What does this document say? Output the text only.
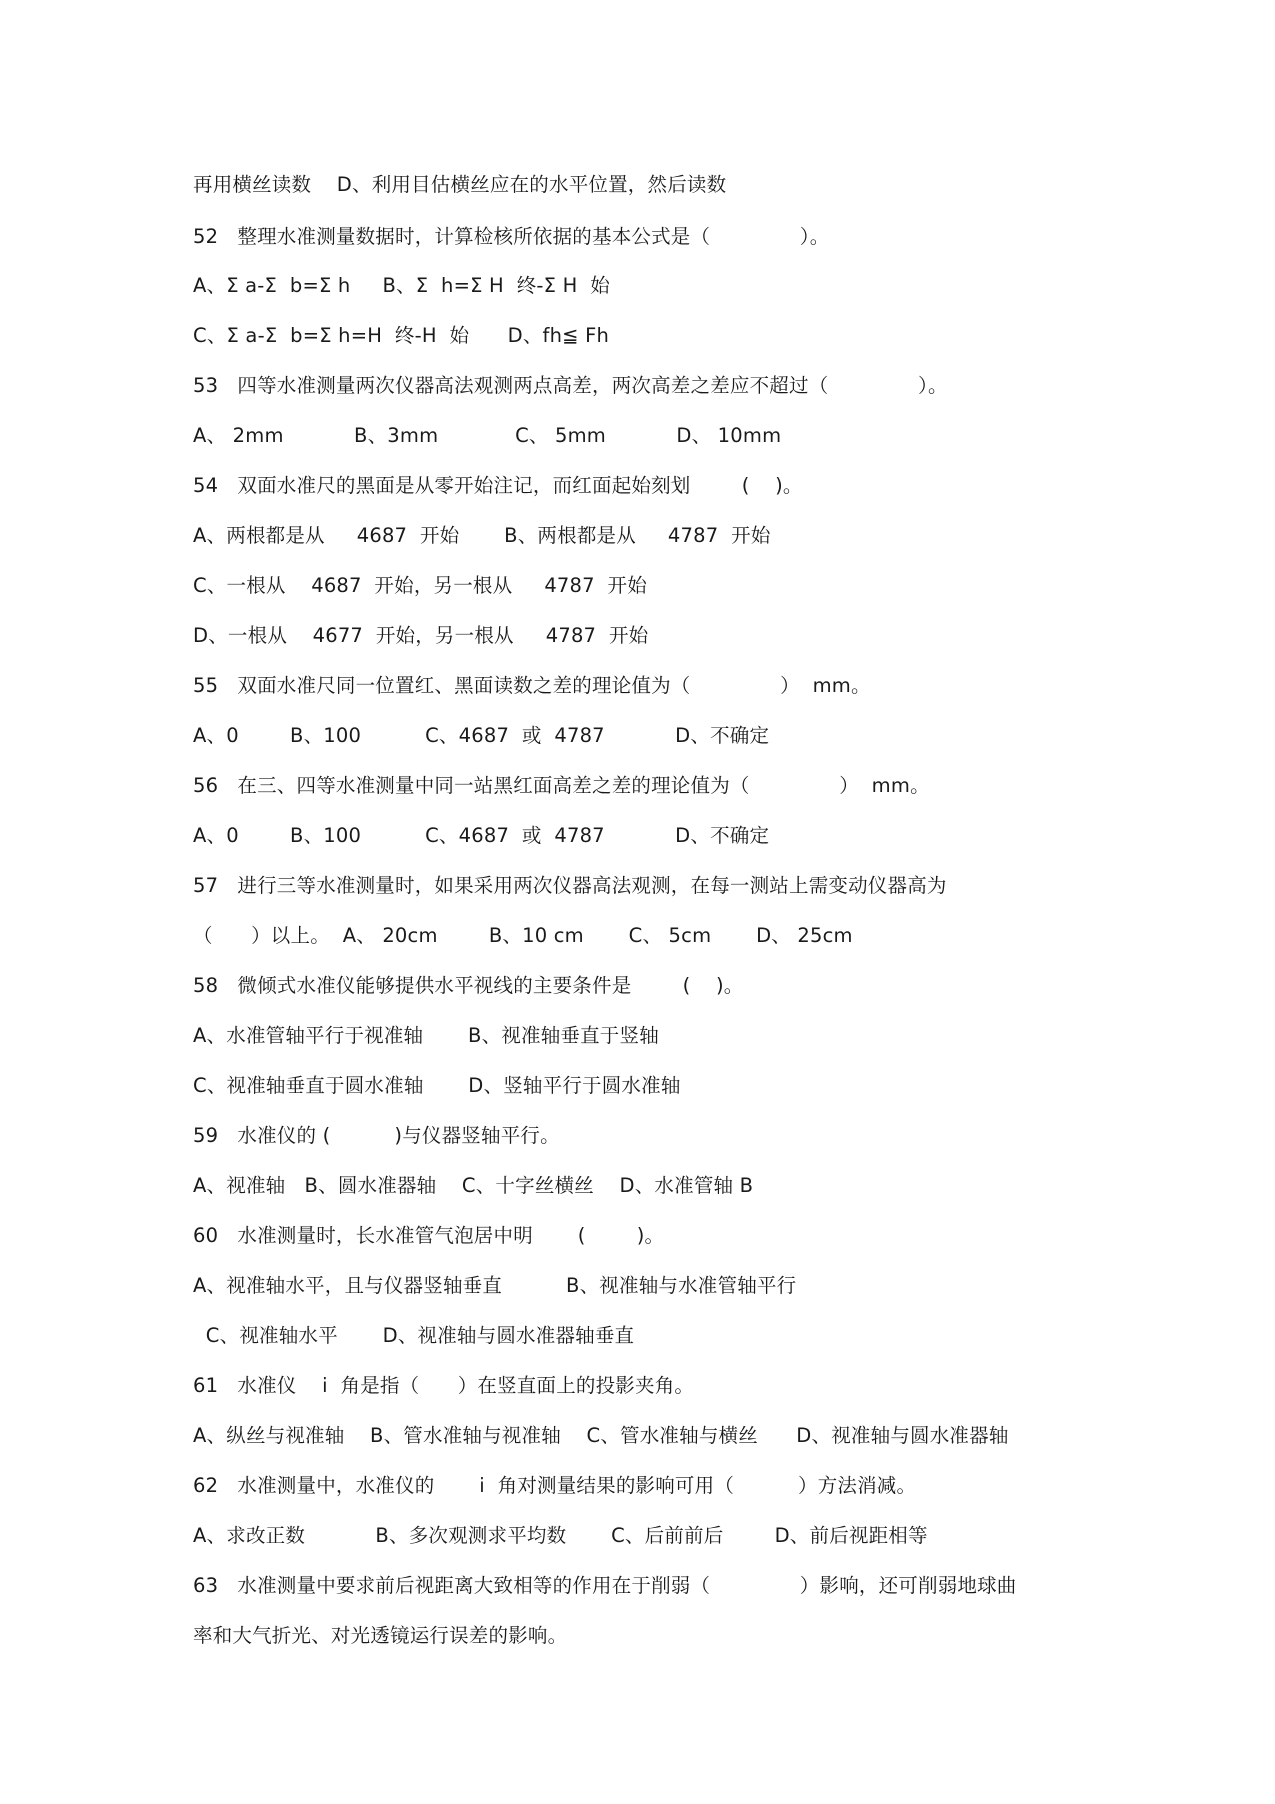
再用横丝读数    D、利用目估横丝应在的水平位置，然后读数
52   整理水准测量数据时，计算检核所依据的基本公式是（              ）。
A、Σ a-Σ  b=Σ h     B、Σ  h=Σ H  终-Σ H  始
C、Σ a-Σ  b=Σ h=H  终-H  始      D、fh≦ Fh
53   四等水准测量两次仪器高法观测两点高差，两次高差之差应不超过（              ）。
A、 2mm           B、3mm            C、 5mm           D、 10mm
54   双面水准尺的黑面是从零开始注记，而红面起始刻划        (    )。
A、两根都是从     4687  开始       B、两根都是从     4787  开始
C、一根从    4687  开始，另一根从     4787  开始
D、一根从    4677  开始，另一根从     4787  开始
55   双面水准尺同一位置红、黑面读数之差的理论值为（              ）  mm。
A、0        B、100          C、4687  或  4787           D、不确定
56   在三、四等水准测量中同一站黑红面高差之差的理论值为（              ）  mm。
A、0        B、100          C、4687  或  4787           D、不确定
57   进行三等水准测量时，如果采用两次仪器高法观测，在每一测站上需变动仪器高为
（      ）以上。  A、 20cm        B、10 cm       C、 5cm       D、 25cm
58   微倾式水准仪能够提供水平视线的主要条件是        (    )。
A、水准管轴平行于视准轴       B、视准轴垂直于竖轴
C、视准轴垂直于圆水准轴       D、竖轴平行于圆水准轴
59   水准仪的 (          )与仪器竖轴平行。
A、视准轴   B、圆水准器轴    C、十字丝横丝    D、水准管轴 B
60   水准测量时，长水准管气泡居中明       (        )。
A、视准轴水平，且与仪器竖轴垂直          B、视准轴与水准管轴平行
C、视准轴水平       D、视准轴与圆水准器轴垂直
61   水准仪    i  角是指（      ）在竖直面上的投影夹角。
A、纵丝与视准轴    B、管水准轴与视准轴    C、管水准轴与横丝      D、视准轴与圆水准器轴
62   水准测量中，水准仪的       i  角对测量结果的影响可用（          ）方法消减。
A、求改正数           B、多次观测求平均数       C、后前前后        D、前后视距相等
63   水准测量中要求前后视距离大致相等的作用在于削弱（              ）影响，还可削弱地球曲
率和大气折光、对光透镜运行误差的影响。
